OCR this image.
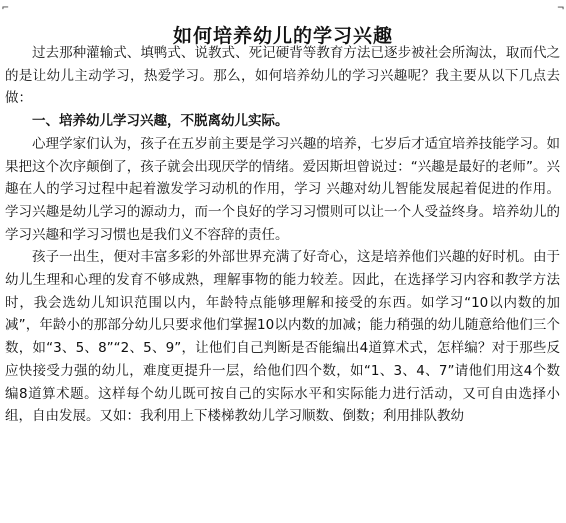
⌐	¬
如何培养幼儿的学习兴趣

过去那种灌输式、填鸭式、说教式、死记硬背等教育方法已逐步被社会所淘汰，取而代之的是让幼儿主动学习，热爱学习。那么，如何培养幼儿的学习兴趣呢？我主要从以下几点去做：

一、培养幼儿学习兴趣，不脱离幼儿实际。

心理学家们认为，孩子在五岁前主要是学习兴趣的培养，七岁后才适宜培养技能学习。如果把这个次序颠倒了，孩子就会出现厌学的情绪。爱因斯坦曾说过：“兴趣是最好的老师”。兴趣在人的学习过程中起着激发学习动机的作用，学习 兴趣对幼儿智能发展起着促进的作用。学习兴趣是幼儿学习的源动力，而一个良好的学习习惯则可以让一个人受益终身。培养幼儿的学习兴趣和学习习惯也是我们义不容辞的责任。

孩子一出生，便对丰富多彩的外部世界充满了好奇心，这是培养他们兴趣的好时机。由于幼儿生理和心理的发育不够成熟，理解事物的能力较差。因此，在选择学习内容和教学方法时，我会选幼儿知识范围以内，年龄特点能够理解和接受的东西。如学习“10以内数的加减”，年龄小的那部分幼儿只要求他们掌握10以内数的加减；能力稍强的幼儿随意给他们三个数，如“3、5、8”“2、5、9”，让他们自己判断是否能编出4道算术式，怎样编？对于那些反应快接受力强的幼儿，难度更提升一层，给他们四个数，如“1、3、4、7”请他们用这4个数编8道算术题。这样每个幼儿既可按自己的实际水平和实际能力进行活动，又可自由选择小组，自由发展。又如：我利用上下楼梯教幼儿学习顺数、倒数；利用排队教幼
